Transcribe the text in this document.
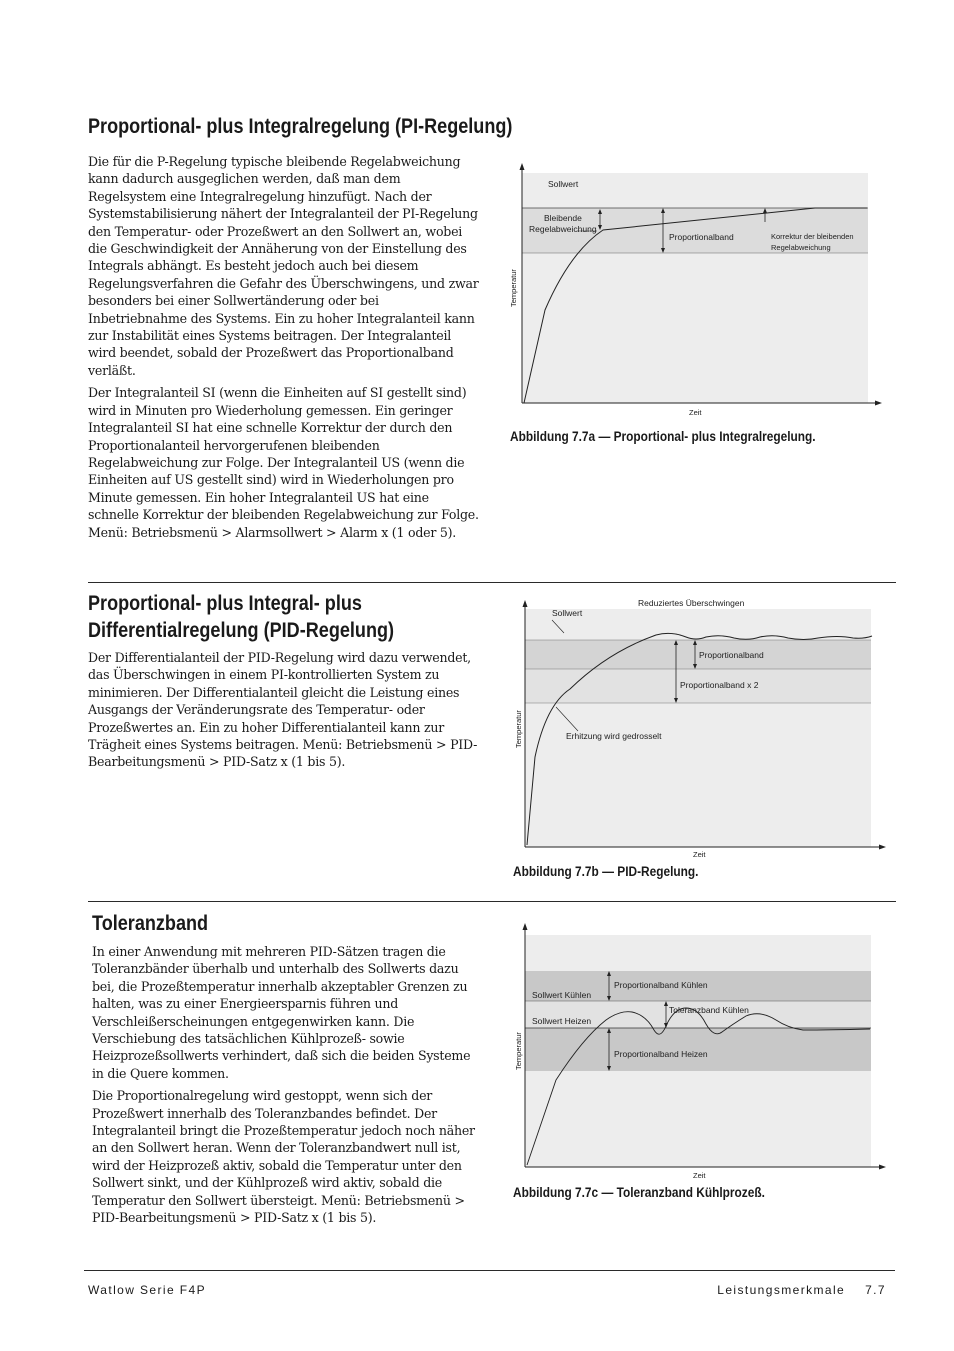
Proportional- plus Integralregelung (PI-Regelung)

Die für die P-Regelung typische bleibende Regelabweichung kann dadurch ausgeglichen werden, daß man dem Regelsystem eine Integralregelung hinzufügt. Nach der Systemstabilisierung nähert der Integralanteil der PI-Regelung den Temperatur- oder Prozeßwert an den Sollwert an, wobei die Geschwindigkeit der Annäherung von der Einstellung des Integrals abhängt. Es besteht jedoch auch bei diesem Regelungsverfahren die Gefahr des Überschwingens, und zwar besonders bei einer Sollwertänderung oder bei Inbetriebnahme des Systems. Ein zu hoher Integralanteil kann zur Instabilität eines Systems beitragen. Der Integralanteil wird beendet, sobald der Prozeßwert das Proportionalband verläßt.

Der Integralanteil SI (wenn die Einheiten auf SI gestellt sind) wird in Minuten pro Wiederholung gemessen. Ein geringer Integralanteil SI hat eine schnelle Korrektur der durch den Proportionalanteil hervorgerufenen bleibenden Regelabweichung zur Folge. Der Integralanteil US (wenn die Einheiten auf US gestellt sind) wird in Wiederholungen pro Minute gemessen. Ein hoher Integralanteil US hat eine schnelle Korrektur der bleibenden Regelabweichung zur Folge. Menü: Betriebsmenü > Alarmsollwert > Alarm x (1 oder 5).

Sollwert
Bleibende
Regelabweichung
Proportionalband	Korrektur der bleibenden
Regelabweichung
Temperatur
Zeit
Abbildung 7.7a — Proportional- plus Integralregelung.
Proportional- plus Integral- plus
Differentialregelung (PID-Regelung)

Der Differentialanteil der PID-Regelung wird dazu verwendet, das Überschwingen in einem PI-kontrollierten System zu minimieren. Der Differentialanteil gleicht die Leistung eines Ausgangs der Veränderungsrate des Temperatur- oder Prozeßwertes an. Ein zu hoher Differentialanteil kann zur Trägheit eines Systems beitragen. Menü: Betriebsmenü > PID-Bearbeitungsmenü > PID-Satz x (1 bis 5).

Reduziertes Überschwingen
Sollwert
Proportionalband
Proportionalband x 2
Erhitzung wird gedrosselt
Temperatur
Zeit
Abbildung 7.7b — PID-Regelung.
Toleranzband

In einer Anwendung mit mehreren PID-Sätzen tragen die Toleranzbänder überhalb und unterhalb des Sollwerts dazu bei, die Prozeßtemperatur innerhalb akzeptabler Grenzen zu halten, was zu einer Energieersparnis führen und Verschleißerscheinungen entgegenwirken kann. Die Verschiebung des tatsächlichen Kühlprozeß- sowie Heizprozeßsollwerts verhindert, daß sich die beiden Systeme in die Quere kommen.

Die Proportionalregelung wird gestoppt, wenn sich der Prozeßwert innerhalb des Toleranzbandes befindet. Der Integralanteil bringt die Prozeßtemperatur jedoch noch näher an den Sollwert heran. Wenn der Toleranzbandwert null ist, wird der Heizprozeß aktiv, sobald die Temperatur unter den Sollwert sinkt, und der Kühlprozeß wird aktiv, sobald die Temperatur den Sollwert übersteigt. Menü: Betriebsmenü > PID-Bearbeitungsmenü > PID-Satz x (1 bis 5).

Sollwert Kühlen
Sollwert Heizen
Proportionalband Kühlen
Toleranzband Kühlen
Proportionalband Heizen
Temperatur
Zeit
Abbildung 7.7c — Toleranzband Kühlprozeß.
Watlow Serie F4P	Leistungsmerkmale 7.7
